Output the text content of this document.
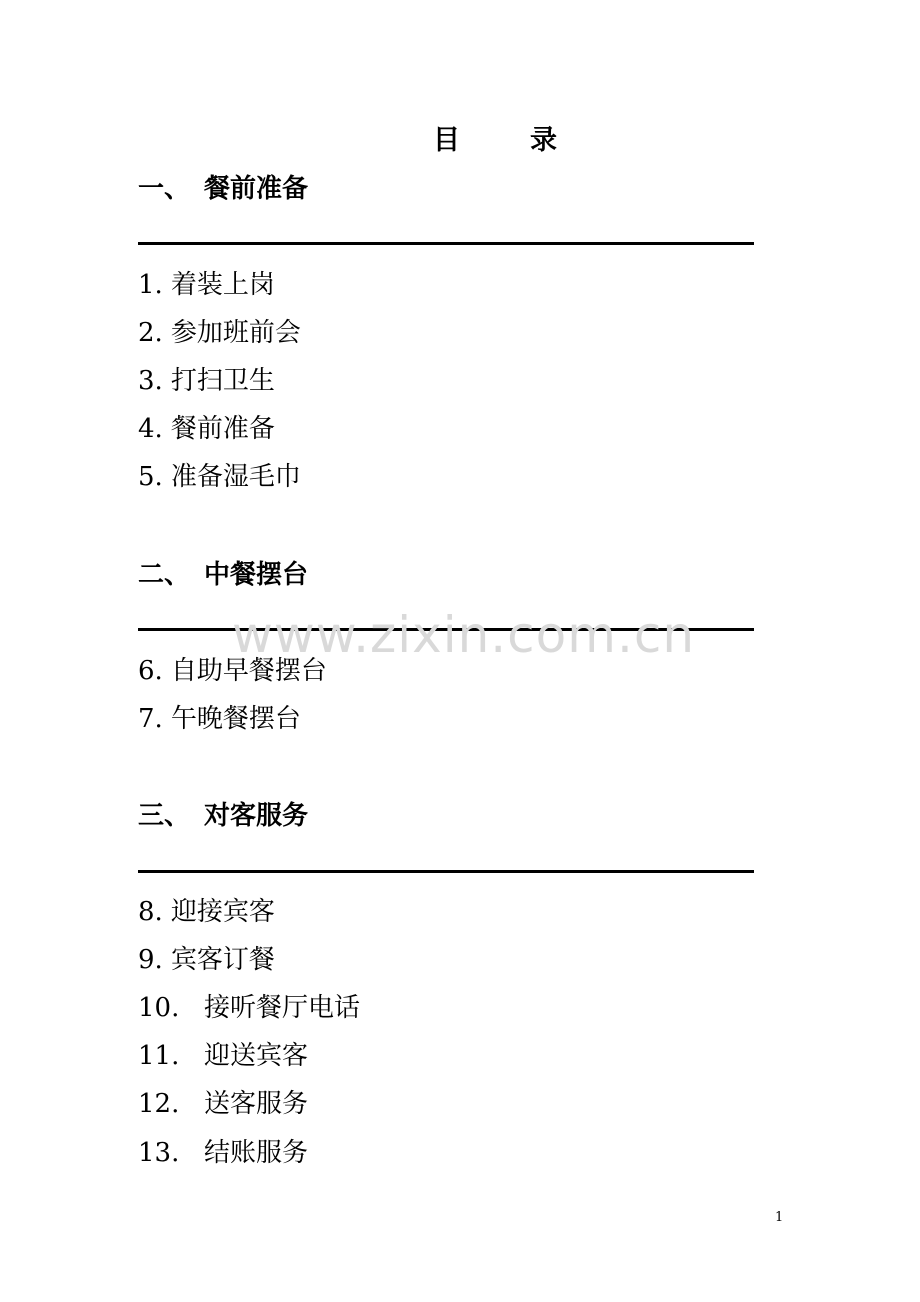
目	录
一、 餐前准备
1. 着装上岗
2. 参加班前会
3. 打扫卫生
4. 餐前准备
5. 准备湿毛巾
二、 中餐摆台
6. 自助早餐摆台
7. 午晚餐摆台
三、 对客服务
8. 迎接宾客
9. 宾客订餐
10. 接听餐厅电话
11. 迎送宾客
12. 送客服务
13. 结账服务
www.zixin.com.cn
1
